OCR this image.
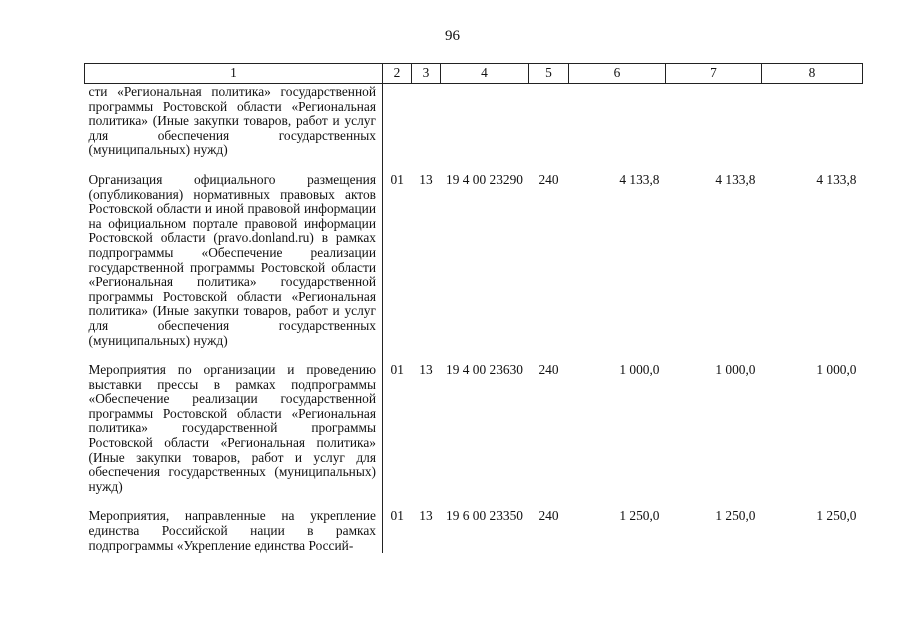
96
1	2	3	4	5	6	7	8
сти «Региональная политика» государственной программы Ростовской области «Региональная политика» (Иные закупки товаров, работ и услуг для обеспечения государственных (муниципальных) нужд)							

Организация официального размещения (опубликования) нормативных правовых актов Ростовской области и иной правовой информации на официальном портале правовой информации Ростовской области (pravo.donland.ru) в рамках подпрограммы «Обеспечение реализации государственной программы Ростовской области «Региональная политика» государственной программы Ростовской области «Региональная политика» (Иные закупки товаров, работ и услуг для обеспечения государственных (муниципальных) нужд)	01	13	19 4 00 23290	240	4 133,8	4 133,8	4 133,8

Мероприятия по организации и проведению выставки прессы в рамках подпрограммы «Обеспечение реализации государственной программы Ростовской области «Региональная политика» государственной программы Ростовской области «Региональная политика» (Иные закупки товаров, работ и услуг для обеспечения государственных (муниципальных) нужд)	01	13	19 4 00 23630	240	1 000,0	1 000,0	1 000,0

Мероприятия, направленные на укрепление единства Российской нации в рамках подпрограммы «Укрепление единства Россий-	01	13	19 6 00 23350	240	1 250,0	1 250,0	1 250,0
